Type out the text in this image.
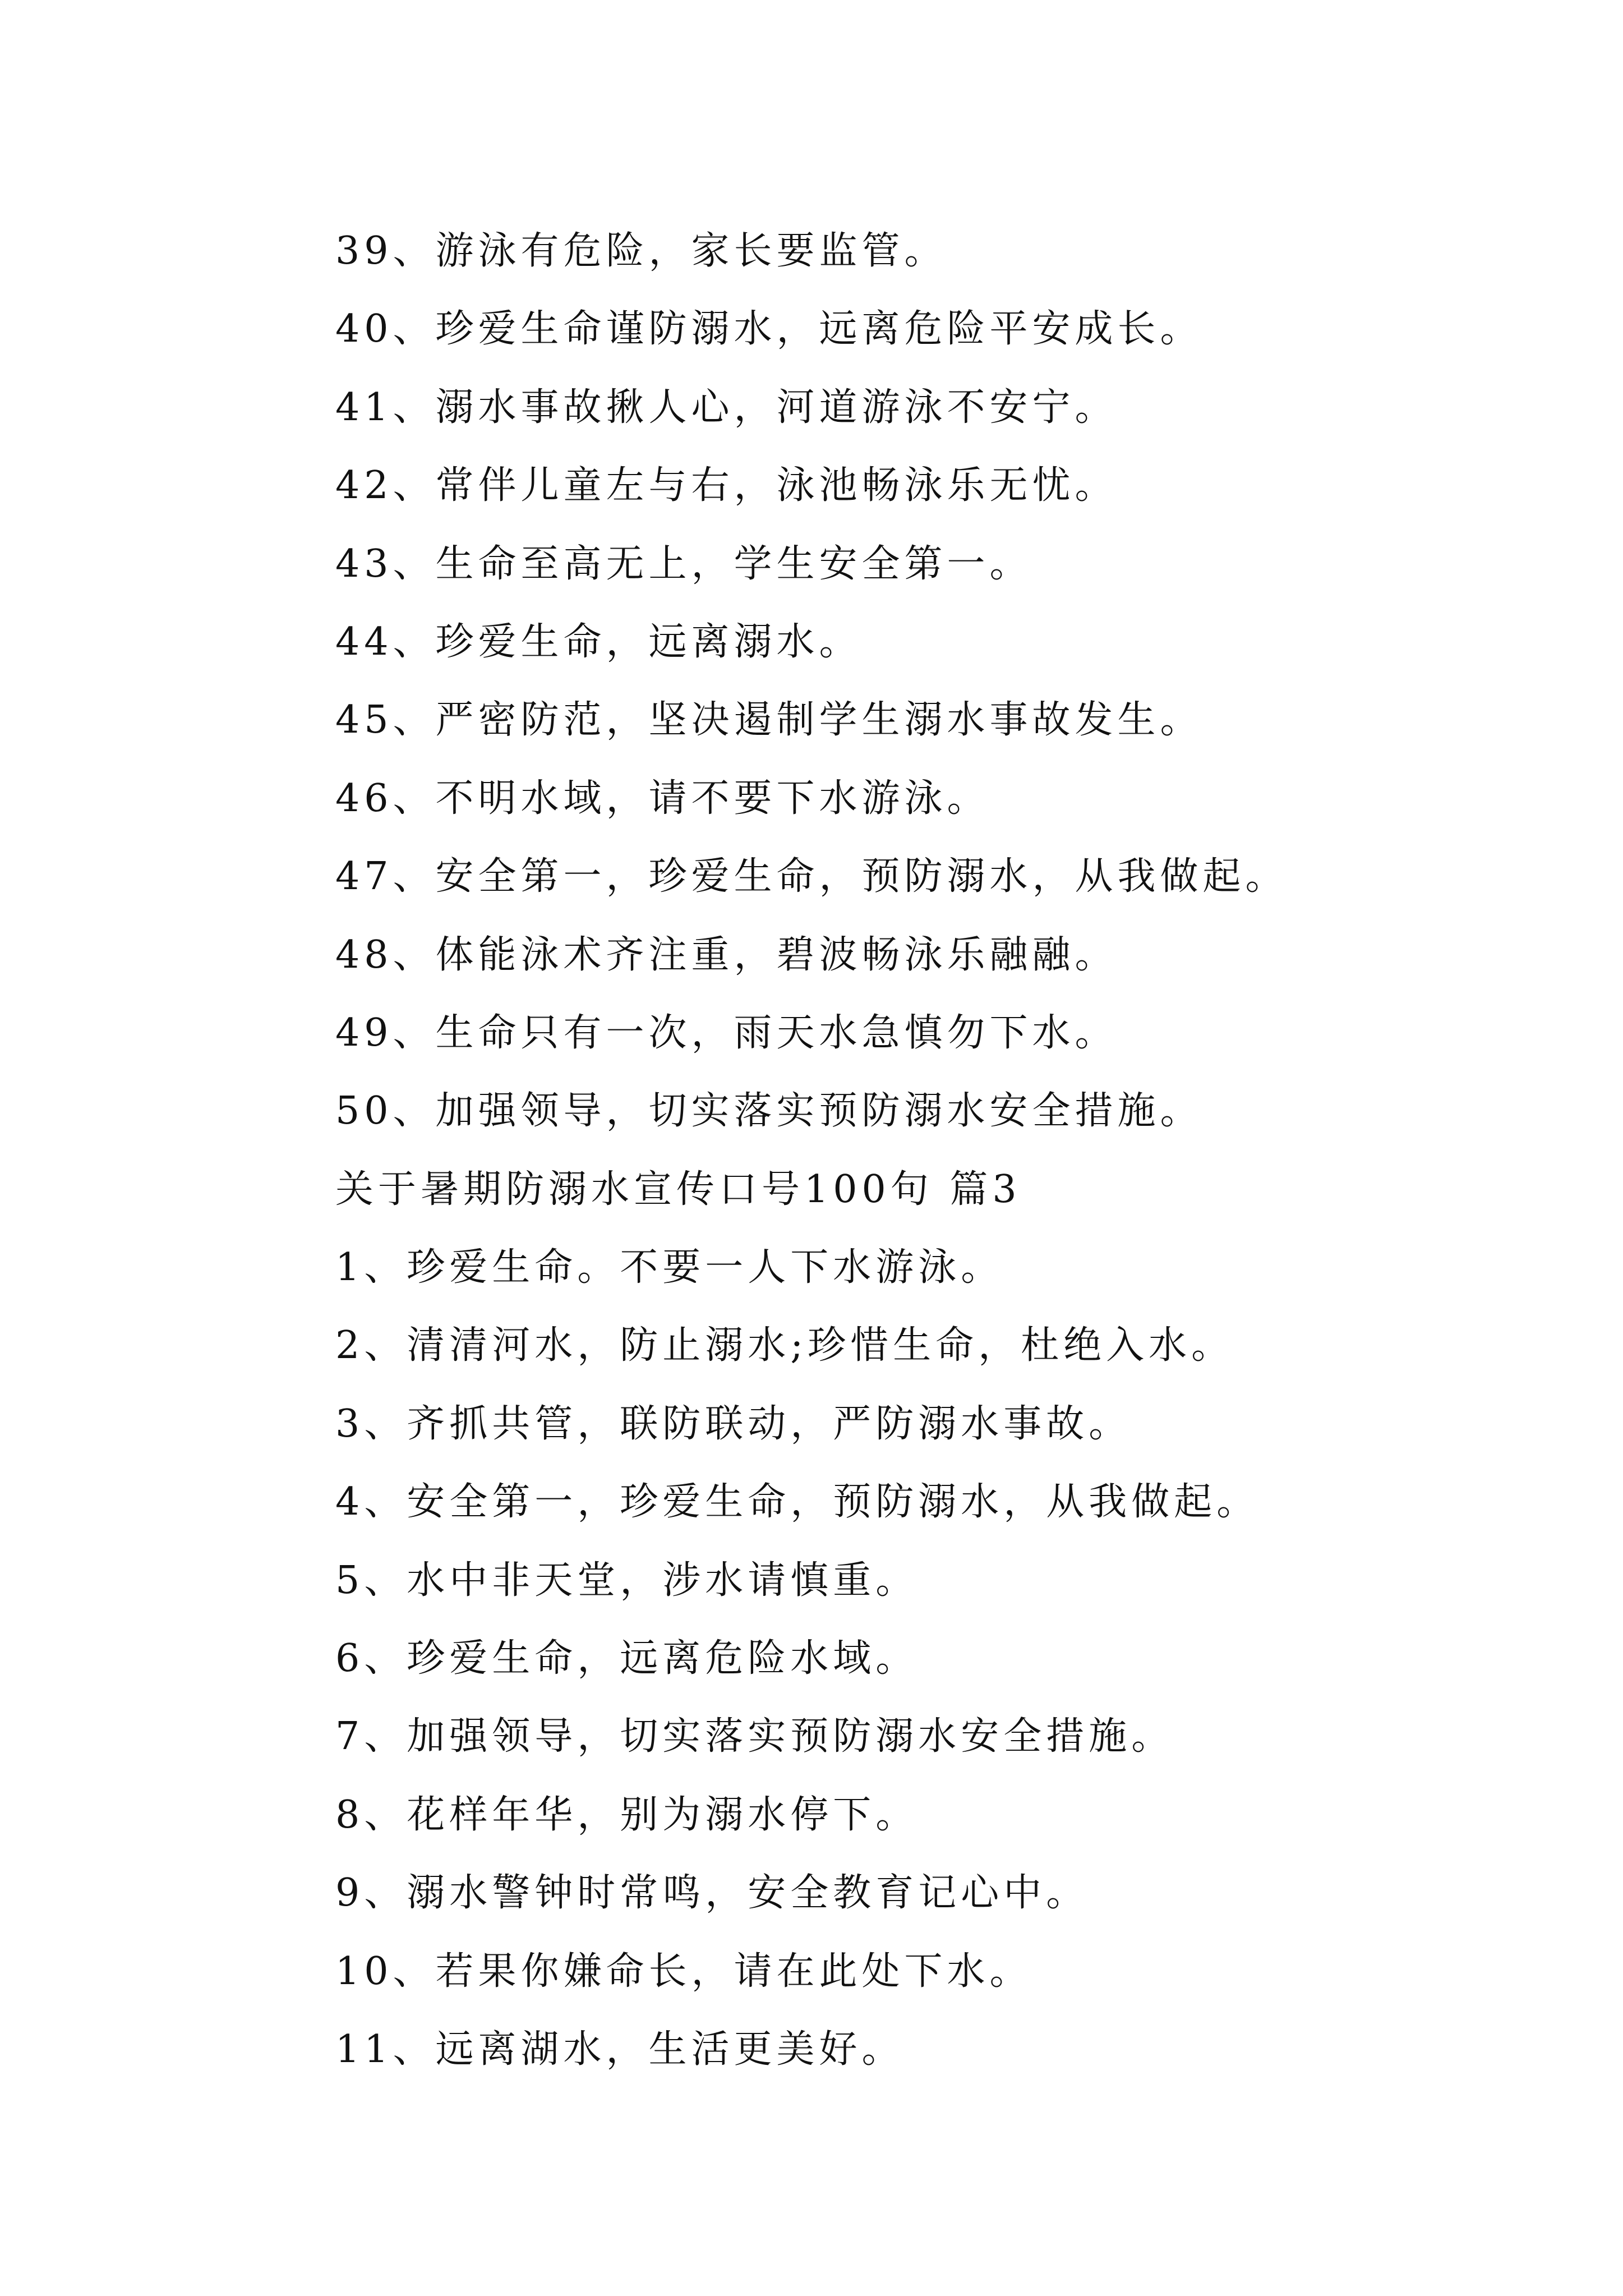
39、游泳有危险，家长要监管。
40、珍爱生命谨防溺水，远离危险平安成长。
41、溺水事故揪人心，河道游泳不安宁。
42、常伴儿童左与右，泳池畅泳乐无忧。
43、生命至高无上，学生安全第一。
44、珍爱生命，远离溺水。
45、严密防范，坚决遏制学生溺水事故发生。
46、不明水域，请不要下水游泳。
47、安全第一，珍爱生命，预防溺水，从我做起。
48、体能泳术齐注重，碧波畅泳乐融融。
49、生命只有一次，雨天水急慎勿下水。
50、加强领导，切实落实预防溺水安全措施。
关于暑期防溺水宣传口号100句 篇3
1、珍爱生命。不要一人下水游泳。
2、清清河水，防止溺水;珍惜生命，杜绝入水。
3、齐抓共管，联防联动，严防溺水事故。
4、安全第一，珍爱生命，预防溺水，从我做起。
5、水中非天堂，涉水请慎重。
6、珍爱生命，远离危险水域。
7、加强领导，切实落实预防溺水安全措施。
8、花样年华，别为溺水停下。
9、溺水警钟时常鸣，安全教育记心中。
10、若果你嫌命长，请在此处下水。
11、远离湖水，生活更美好。
